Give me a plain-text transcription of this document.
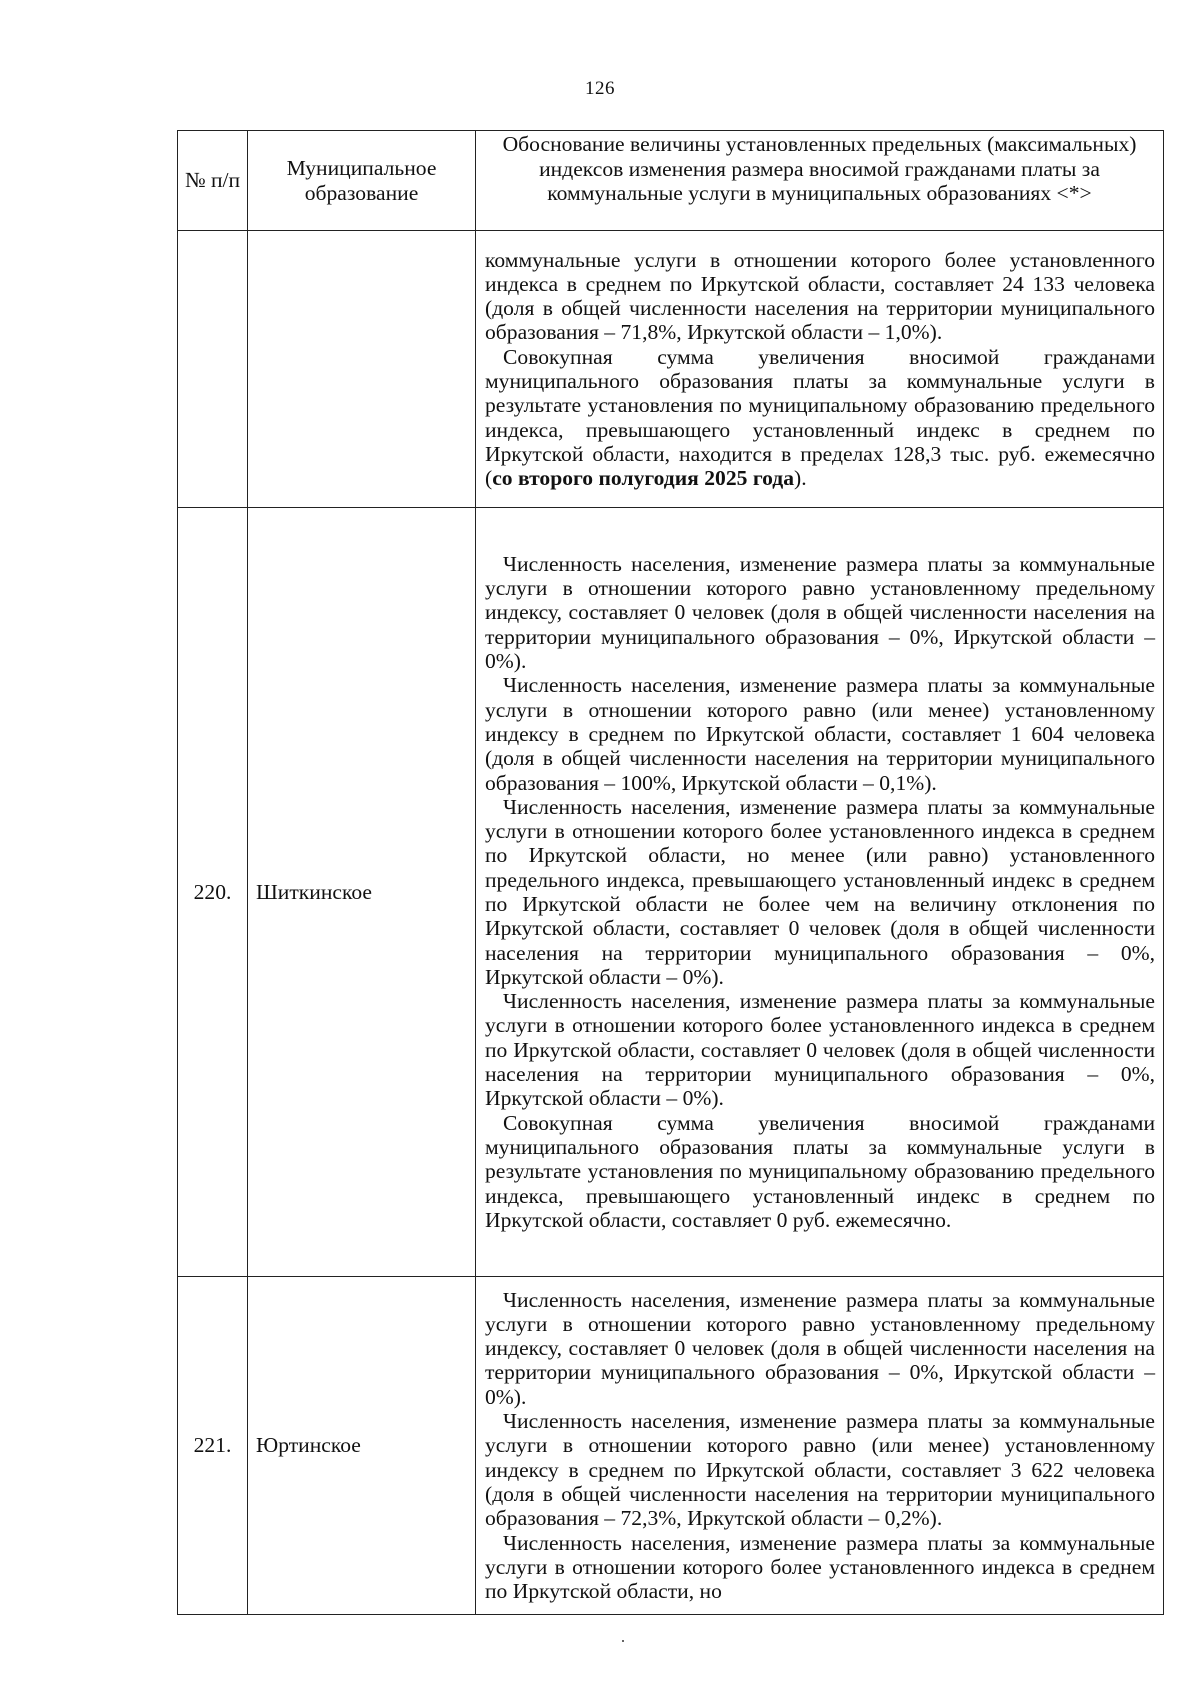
126
№ п/п	Муниципальное образование	Обоснование величины установленных предельных (максимальных) индексов изменения размера вносимой гражданами платы за коммунальные услуги в муниципальных образованиях <*>

		коммунальные услуги в отношении которого более установленного индекса в среднем по Иркутской области, составляет 24 133 человека (доля в общей численности населения на территории муниципального образования – 71,8%, Иркутской области – 1,0%).

Совокупная сумма увеличения вносимой гражданами муниципального образования платы за коммунальные услуги в результате установления по муниципальному образованию предельного индекса, превышающего установленный индекс в среднем по Иркутской области, находится в пределах 128,3 тыс. руб. ежемесячно (со второго полугодия 2025 года).

220.	Шиткинское	Численность населения, изменение размера платы за коммунальные услуги в отношении которого равно установленному предельному индексу, составляет 0 человек (доля в общей численности населения на территории муниципального образования – 0%, Иркутской области – 0%).

Численность населения, изменение размера платы за коммунальные услуги в отношении которого равно (или менее) установленному индексу в среднем по Иркутской области, составляет 1 604 человека (доля в общей численности населения на территории муниципального образования – 100%, Иркутской области – 0,1%).

Численность населения, изменение размера платы за коммунальные услуги в отношении которого более установленного индекса в среднем по Иркутской области, но менее (или равно) установленного предельного индекса, превышающего установленный индекс в среднем по Иркутской области не более чем на величину отклонения по Иркутской области, составляет 0 человек (доля в общей численности населения на территории муниципального образования – 0%, Иркутской области – 0%).

Численность населения, изменение размера платы за коммунальные услуги в отношении которого более установленного индекса в среднем по Иркутской области, составляет 0 человек (доля в общей численности населения на территории муниципального образования – 0%, Иркутской области – 0%).

Совокупная сумма увеличения вносимой гражданами муниципального образования платы за коммунальные услуги в результате установления по муниципальному образованию предельного индекса, превышающего установленный индекс в среднем по Иркутской области, составляет 0 руб. ежемесячно.

221.	Юртинское	Численность населения, изменение размера платы за коммунальные услуги в отношении которого равно установленному предельному индексу, составляет 0 человек (доля в общей численности населения на территории муниципального образования – 0%, Иркутской области – 0%).

Численность населения, изменение размера платы за коммунальные услуги в отношении которого равно (или менее) установленному индексу в среднем по Иркутской области, составляет 3 622 человека (доля в общей численности населения на территории муниципального образования – 72,3%, Иркутской области – 0,2%).

Численность населения, изменение размера платы за коммунальные услуги в отношении которого более установленного индекса в среднем по Иркутской области, но
